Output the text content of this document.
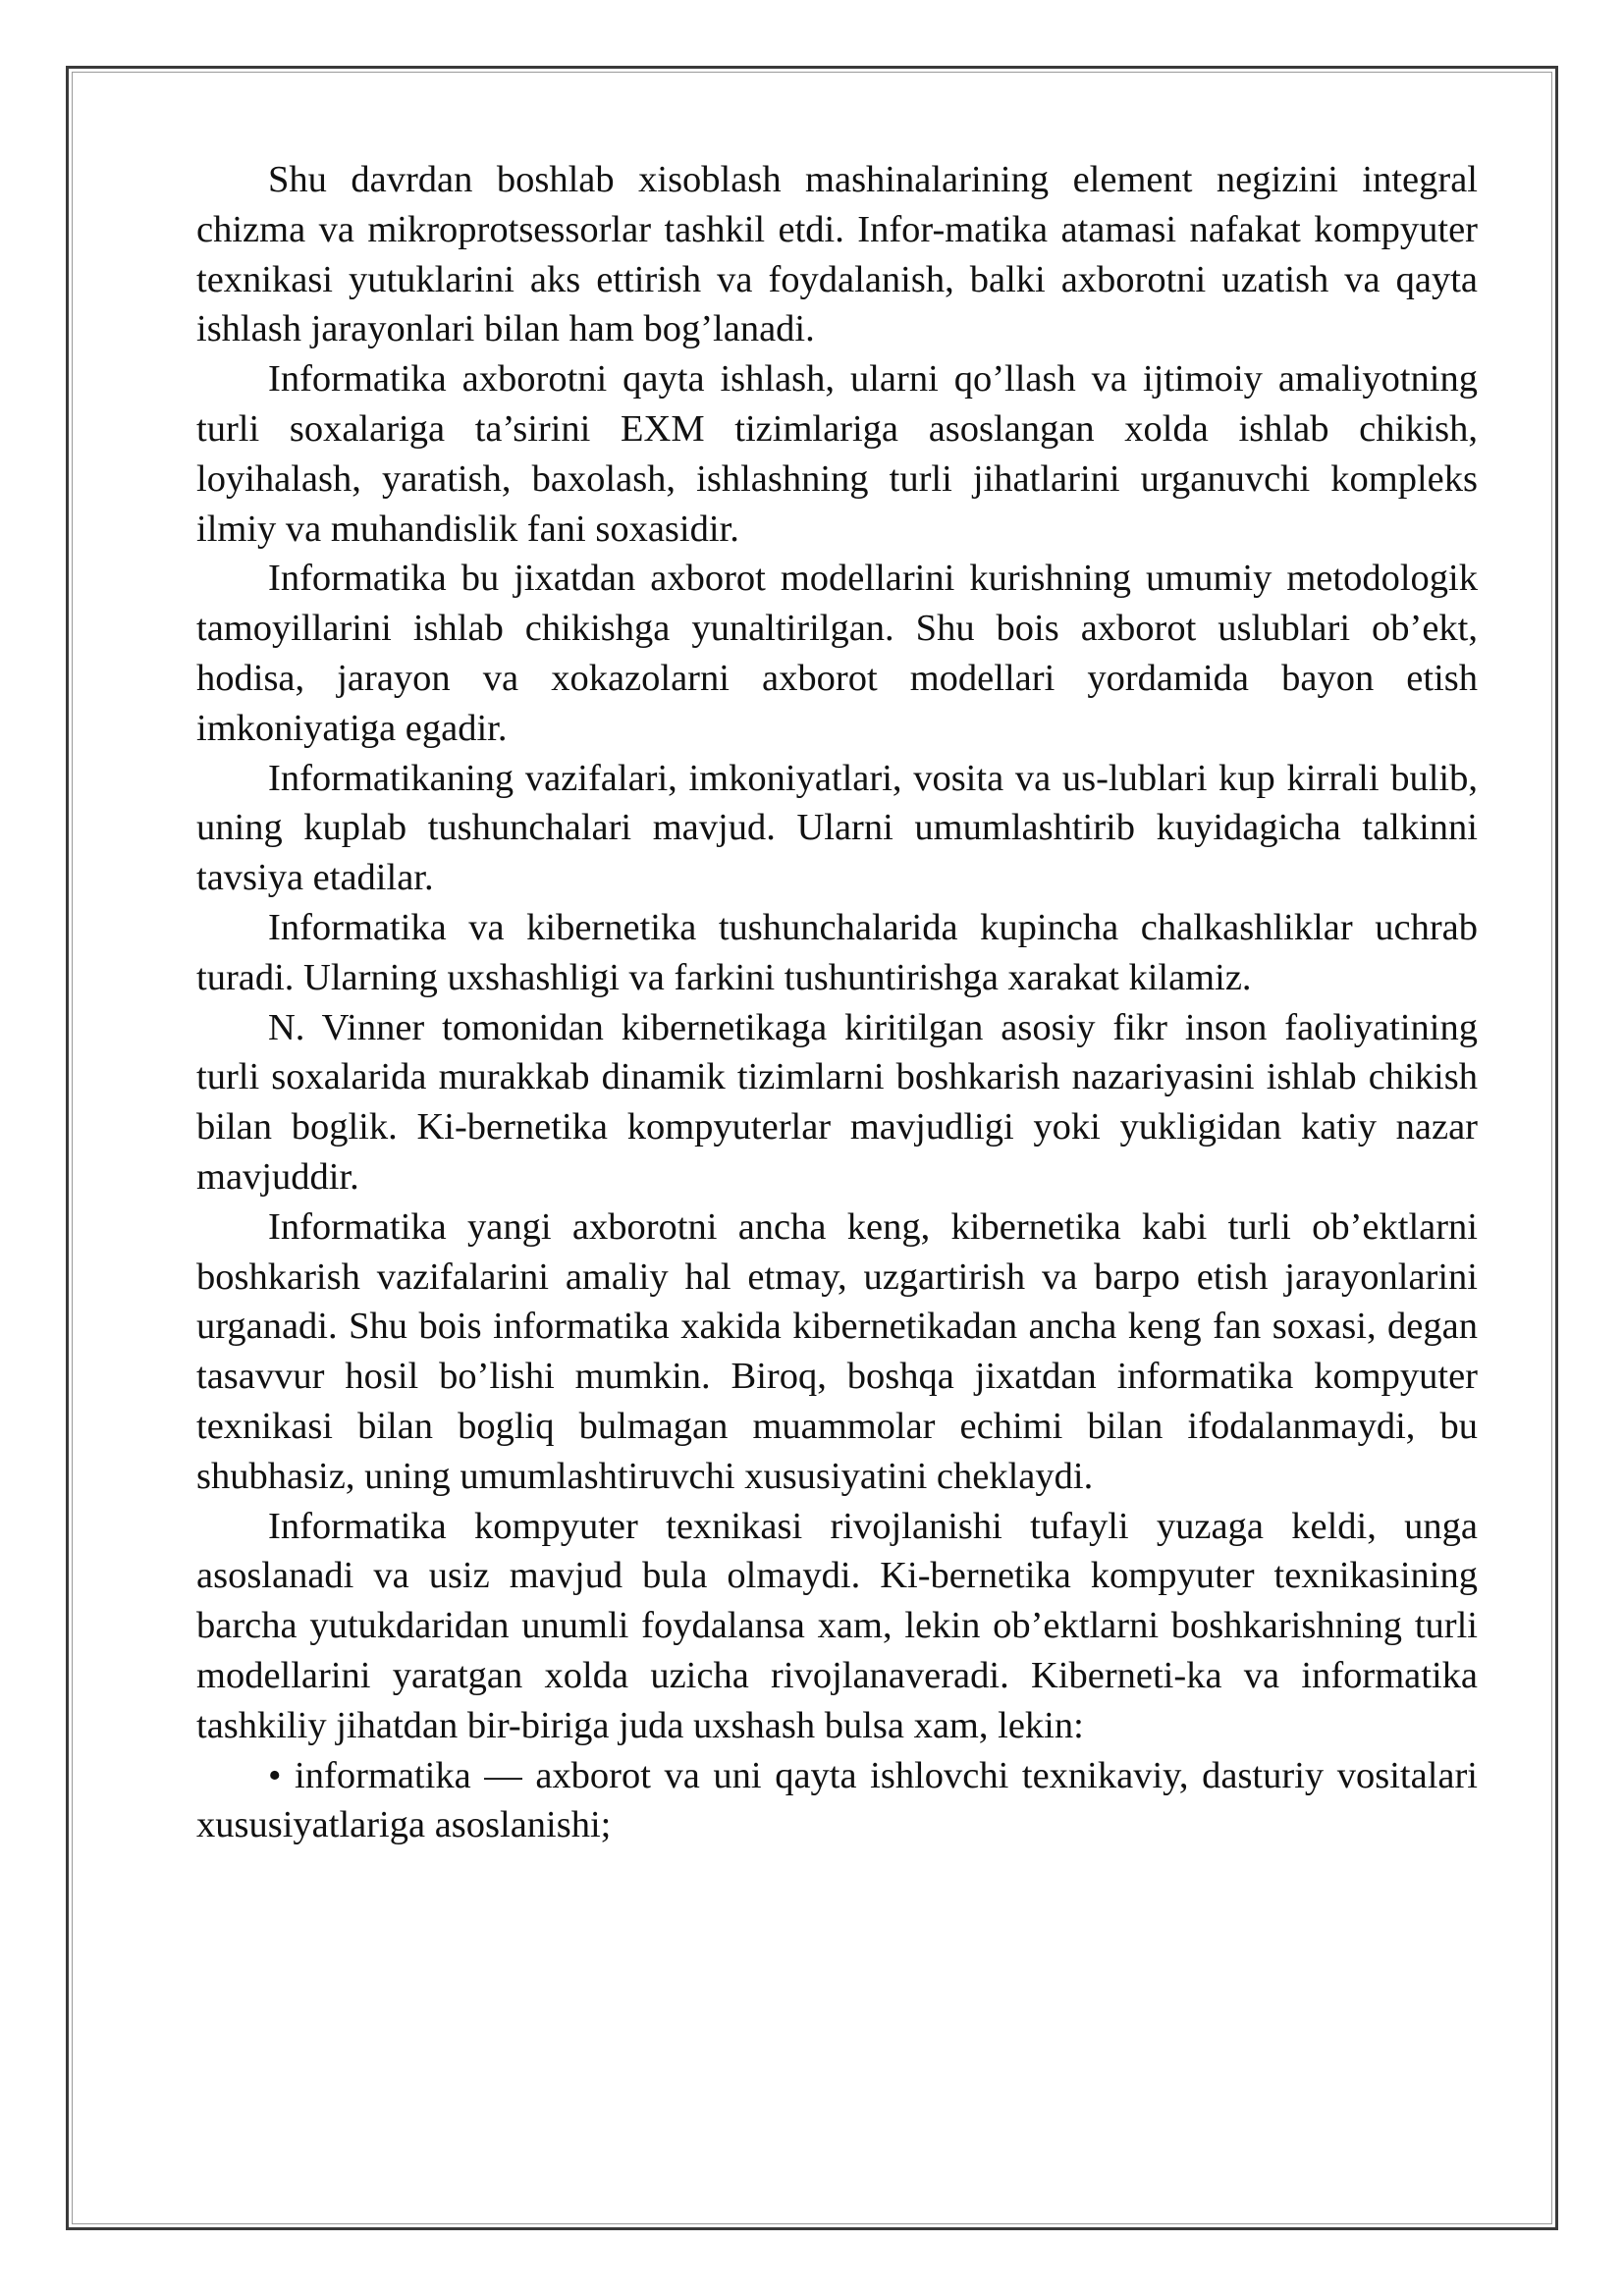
Shu davrdan boshlab xisoblash mashinalarining element negizini integral chizma va mikroprotsessorlar tashkil etdi. Infor-matika atamasi nafakat kompyuter texnikasi yutuklarini aks ettirish va foydalanish, balki axborotni uzatish va qayta ishlash jarayonlari bilan ham bog’lanadi.

Informatika axborotni qayta ishlash, ularni qo’llash va ijtimoiy amaliyotning turli soxalariga ta’sirini EXM tizimlariga asoslangan xolda ishlab chikish, loyihalash, yaratish, baxolash, ishlashning turli jihatlarini urganuvchi kompleks ilmiy va muhandislik fani soxasidir.

Informatika bu jixatdan axborot modellarini kurishning umumiy metodologik tamoyillarini ishlab chikishga yunaltirilgan. Shu bois axborot uslublari ob’ekt, hodisa, jarayon va xokazolarni axborot modellari yordamida bayon etish imkoniyatiga egadir.

Informatikaning vazifalari, imkoniyatlari, vosita va us-lublari kup kirrali bulib, uning kuplab tushunchalari mavjud. Ularni umumlashtirib kuyidagicha talkinni tavsiya etadilar.

Informatika va kibernetika tushunchalarida kupincha chalkashliklar uchrab turadi. Ularning uxshashligi va farkini tushuntirishga xarakat kilamiz.

N. Vinner tomonidan kibernetikaga kiritilgan asosiy fikr inson faoliyatining turli soxalarida murakkab dinamik tizimlarni boshkarish nazariyasini ishlab chikish bilan boglik. Ki-bernetika kompyuterlar mavjudligi yoki yukligidan katiy nazar mavjuddir.

Informatika yangi axborotni ancha keng, kibernetika kabi turli ob’ektlarni boshkarish vazifalarini amaliy hal etmay, uzgartirish va barpo etish jarayonlarini urganadi. Shu bois informatika xakida kibernetikadan ancha keng fan soxasi, degan tasavvur hosil bo’lishi mumkin. Biroq, boshqa jixatdan informatika kompyuter texnikasi bilan bogliq bulmagan muammolar echimi bilan ifodalanmaydi, bu shubhasiz, uning umumlashtiruvchi xususiyatini cheklaydi.

Informatika kompyuter texnikasi rivojlanishi tufayli yuzaga keldi, unga asoslanadi va usiz mavjud bula olmaydi. Ki-bernetika kompyuter texnikasining barcha yutukdaridan unumli foydalansa xam, lekin ob’ektlarni boshkarishning turli modellarini yaratgan xolda uzicha rivojlanaveradi. Kiberneti-ka va informatika tashkiliy jihatdan bir-biriga juda uxshash bulsa xam, lekin:

• informatika — axborot va uni qayta ishlovchi texnikaviy, dasturiy vositalari xususiyatlariga asoslanishi;
